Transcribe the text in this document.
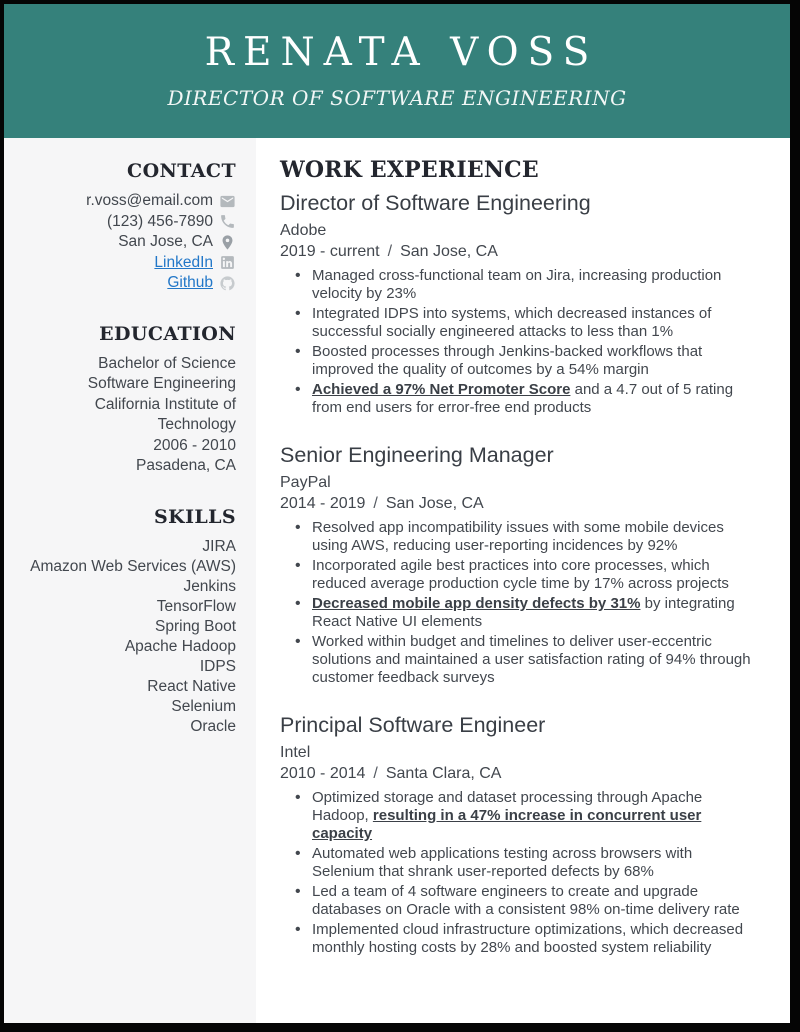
RENATA VOSS
DIRECTOR OF SOFTWARE ENGINEERING
CONTACT
r.voss@email.com
(123) 456-7890
San Jose, CA
LinkedIn
Github
EDUCATION
Bachelor of Science
Software Engineering
California Institute of Technology
2006 - 2010
Pasadena, CA
SKILLS
JIRA
Amazon Web Services (AWS)
Jenkins
TensorFlow
Spring Boot
Apache Hadoop
IDPS
React Native
Selenium
Oracle
WORK EXPERIENCE
Director of Software Engineering
Adobe
2019 - current / San Jose, CA
• Managed cross-functional team on Jira, increasing production velocity by 23%
• Integrated IDPS into systems, which decreased instances of successful socially engineered attacks to less than 1%
• Boosted processes through Jenkins-backed workflows that improved the quality of outcomes by a 54% margin
• Achieved a 97% Net Promoter Score and a 4.7 out of 5 rating from end users for error-free end products
Senior Engineering Manager
PayPal
2014 - 2019 / San Jose, CA
• Resolved app incompatibility issues with some mobile devices using AWS, reducing user-reporting incidences by 92%
• Incorporated agile best practices into core processes, which reduced average production cycle time by 17% across projects
• Decreased mobile app density defects by 31% by integrating React Native UI elements
• Worked within budget and timelines to deliver user-eccentric solutions and maintained a user satisfaction rating of 94% through customer feedback surveys
Principal Software Engineer
Intel
2010 - 2014 / Santa Clara, CA
• Optimized storage and dataset processing through Apache Hadoop, resulting in a 47% increase in concurrent user capacity
• Automated web applications testing across browsers with Selenium that shrank user-reported defects by 68%
• Led a team of 4 software engineers to create and upgrade databases on Oracle with a consistent 98% on-time delivery rate
• Implemented cloud infrastructure optimizations, which decreased monthly hosting costs by 28% and boosted system reliability
